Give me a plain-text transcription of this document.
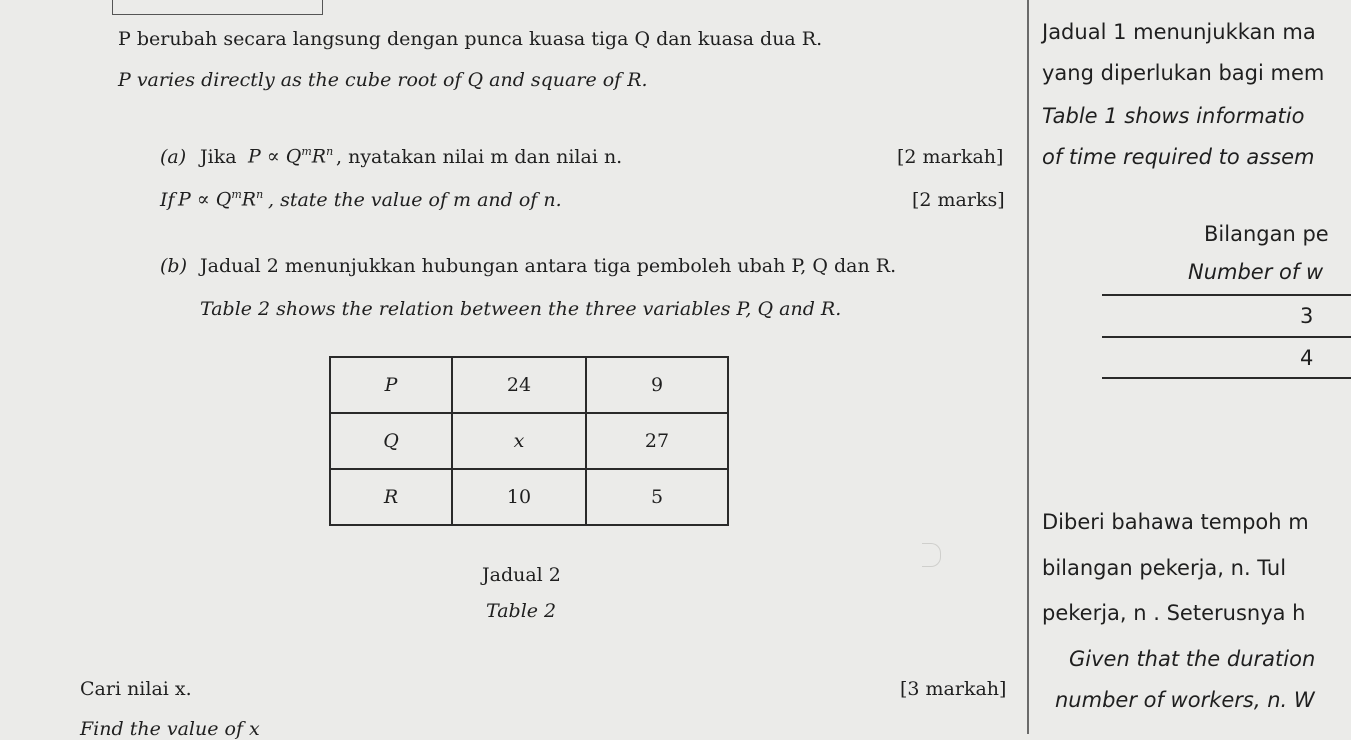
P berubah secara langsung dengan punca kuasa tiga Q dan kuasa dua R.
P varies directly as the cube root of Q and square of R.
(a) Jika $P \propto Q^mR^n$ , nyatakan nilai m dan nilai n.	[2 markah]
If $P \propto Q^mR^n$ , state the value of m and of n.	[2 marks]
(b) Jadual 2 menunjukkan hubungan antara tiga pemboleh ubah P, Q dan R.
Table 2 shows the relation between the three variables P, Q and R.
P	24	9
Q	x	27
R	10	5
Jadual 2
Table 2
Cari nilai x.	[3 markah]
Find the value of x
Jadual 1 menunjukkan ma
yang diperlukan bagi mem
Table 1 shows informatio
of time required to assem
Bilangan pe
Number of w
3
4
Diberi bahawa tempoh m
bilangan pekerja, n. Tul
pekerja, n . Seterusnya h
Given that the duration
number of workers, n. W
